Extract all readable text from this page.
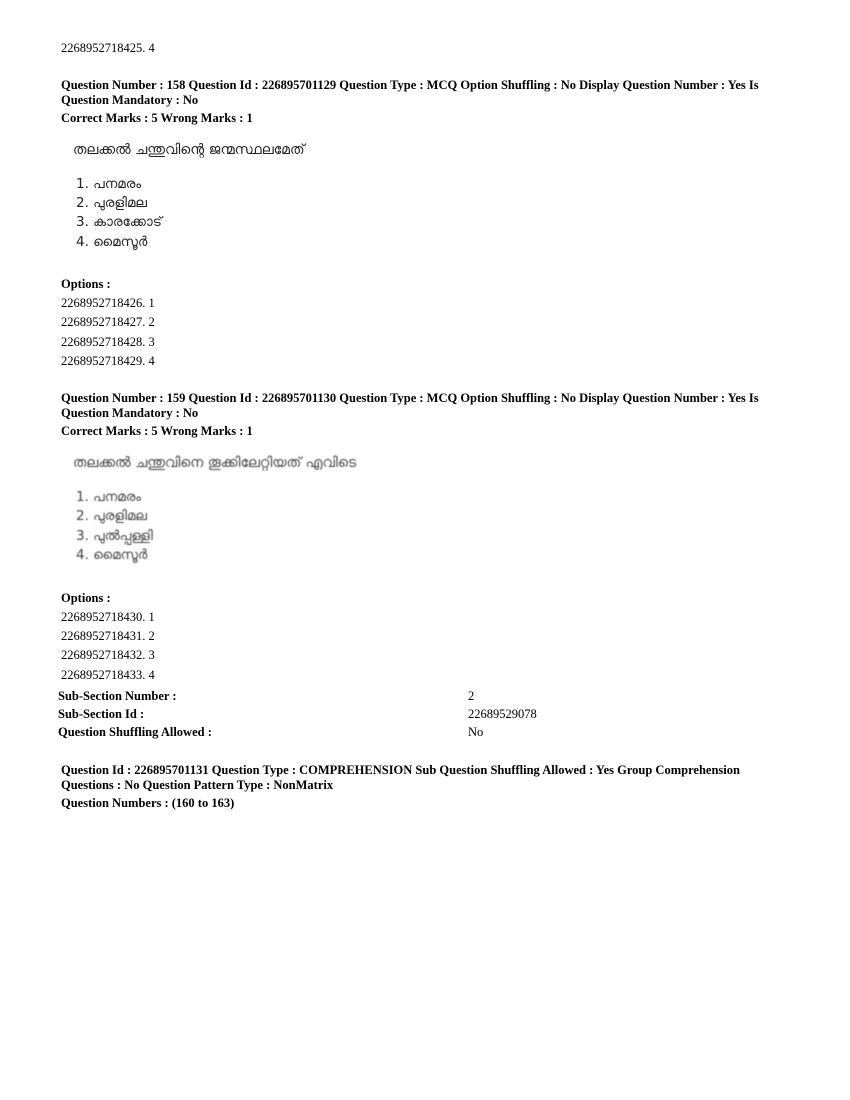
2268952718425. 4
Question Number : 158 Question Id : 226895701129 Question Type : MCQ Option Shuffling : No Display Question Number : Yes Is
Question Mandatory : No
Correct Marks : 5 Wrong Marks : 1
തലക്കൽ ചന്തുവിന്റെ ജന്മസ്ഥലമേത്
1. പനമരം
2. പുരളിമല
3. കാരക്കോട്
4. മൈസൂർ
Options :
2268952718426. 1
2268952718427. 2
2268952718428. 3
2268952718429. 4
Question Number : 159 Question Id : 226895701130 Question Type : MCQ Option Shuffling : No Display Question Number : Yes Is
Question Mandatory : No
Correct Marks : 5 Wrong Marks : 1
തലക്കൽ ചന്തുവിനെ തൂക്കിലേറ്റിയത് എവിടെ
1. പനമരം
2. പുരളിമല
3. പുൽപ്പള്ളി
4. മൈസൂർ
Options :
2268952718430. 1
2268952718431. 2
2268952718432. 3
2268952718433. 4
Sub-Section Number :	2
Sub-Section Id :	22689529078
Question Shuffling Allowed :	No
Question Id : 226895701131 Question Type : COMPREHENSION Sub Question Shuffling Allowed : Yes Group Comprehension
Questions : No Question Pattern Type : NonMatrix
Question Numbers : (160 to 163)
